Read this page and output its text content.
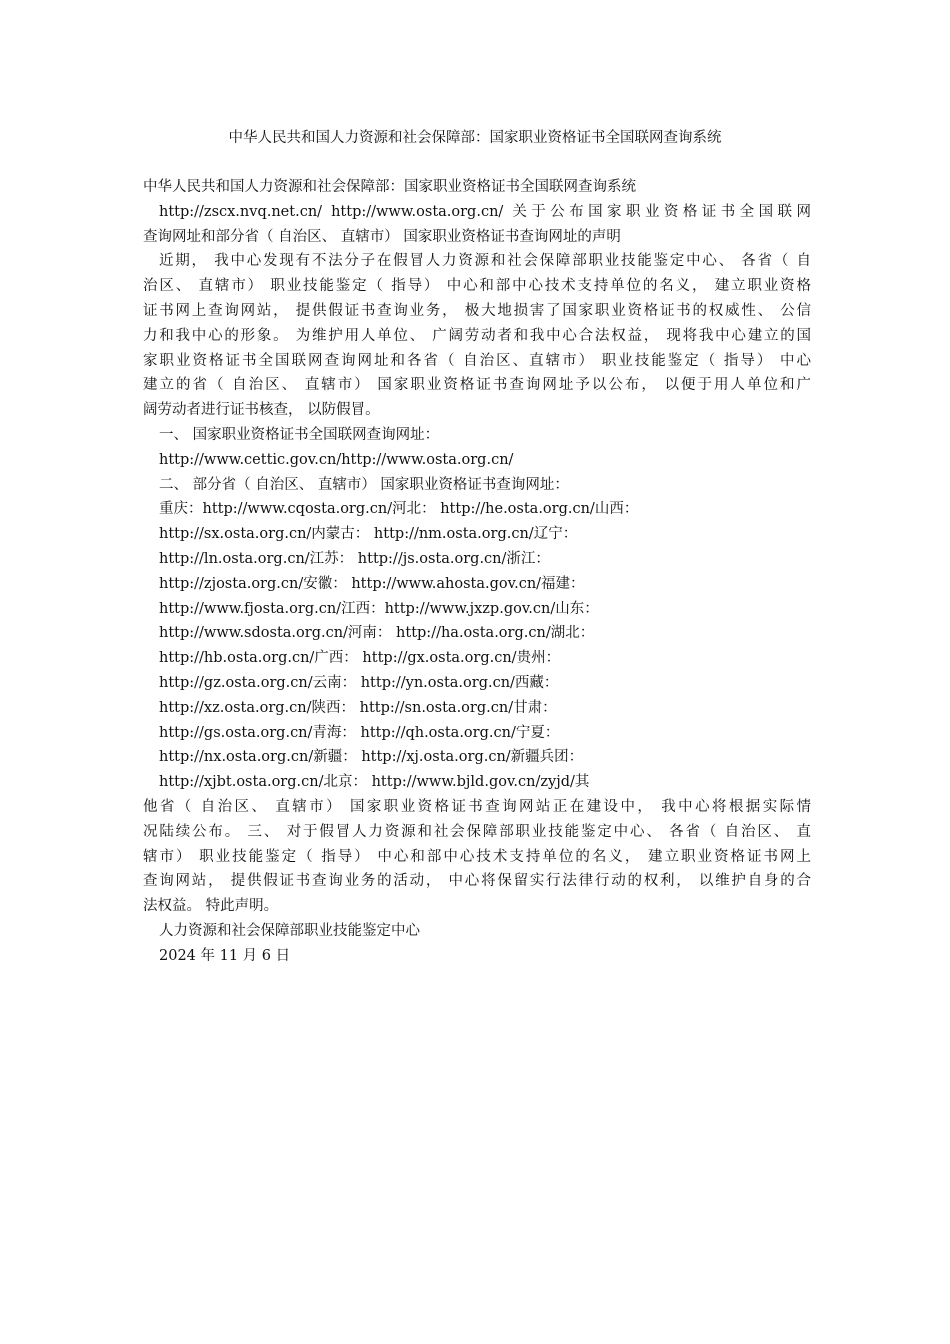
中华人民共和国人力资源和社会保障部：国家职业资格证书全国联网查询系统
中华人民共和国人力资源和社会保障部：国家职业资格证书全国联网查询系统
http://zscx.nvq.net.cn/ http://www.osta.org.cn/ 关于公布国家职业资格证书全国联网
查询网址和部分省（ 自治区、 直辖市） 国家职业资格证书查询网址的声明
近期， 我中心发现有不法分子在假冒人力资源和社会保障部职业技能鉴定中心、 各省（ 自
治区、 直辖市） 职业技能鉴定（ 指导） 中心和部中心技术支持单位的名义， 建立职业资格
证书网上查询网站， 提供假证书查询业务， 极大地损害了国家职业资格证书的权威性、 公信
力和我中心的形象。 为维护用人单位、 广阔劳动者和我中心合法权益， 现将我中心建立的国
家职业资格证书全国联网查询网址和各省（ 自治区、直辖市） 职业技能鉴定（ 指导） 中心
建立的省（ 自治区、 直辖市） 国家职业资格证书查询网址予以公布， 以便于用人单位和广
阔劳动者进行证书核查， 以防假冒。
一、 国家职业资格证书全国联网查询网址：
http://www.cettic.gov.cn/http://www.osta.org.cn/
二、 部分省（ 自治区、 直辖市） 国家职业资格证书查询网址：
重庆：http://www.cqosta.org.cn/河北： http://he.osta.org.cn/山西：
http://sx.osta.org.cn/内蒙古： http://nm.osta.org.cn/辽宁：
http://ln.osta.org.cn/江苏： http://js.osta.org.cn/浙江：
http://zjosta.org.cn/安徽： http://www.ahosta.gov.cn/福建：
http://www.fjosta.org.cn/江西：http://www.jxzp.gov.cn/山东：
http://www.sdosta.org.cn/河南： http://ha.osta.org.cn/湖北：
http://hb.osta.org.cn/广西： http://gx.osta.org.cn/贵州：
http://gz.osta.org.cn/云南： http://yn.osta.org.cn/西藏：
http://xz.osta.org.cn/陕西： http://sn.osta.org.cn/甘肃：
http://gs.osta.org.cn/青海： http://qh.osta.org.cn/宁夏：
http://nx.osta.org.cn/新疆： http://xj.osta.org.cn/新疆兵团：
http://xjbt.osta.org.cn/北京： http://www.bjld.gov.cn/zyjd/其
他省（ 自治区、 直辖市） 国家职业资格证书查询网站正在建设中， 我中心将根据实际情
况陆续公布。 三、 对于假冒人力资源和社会保障部职业技能鉴定中心、 各省（ 自治区、 直
辖市） 职业技能鉴定（ 指导） 中心和部中心技术支持单位的名义， 建立职业资格证书网上
查询网站， 提供假证书查询业务的活动， 中心将保留实行法律行动的权利， 以维护自身的合
法权益。 特此声明。
人力资源和社会保障部职业技能鉴定中心
2024 年 11 月 6 日
